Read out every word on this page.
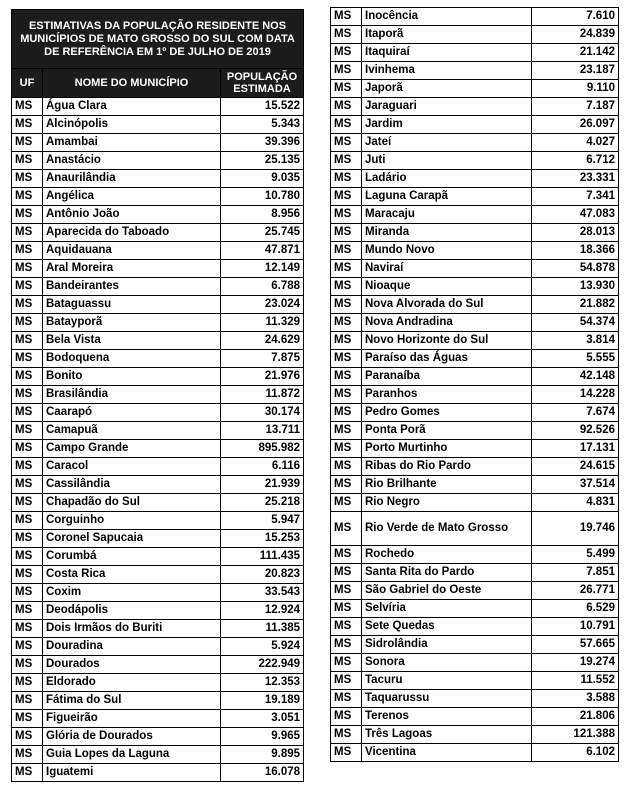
ESTIMATIVAS DA POPULAÇÃO RESIDENTE NOS MUNICÍPIOS DE MATO GROSSO DO SUL COM DATA DE REFERÊNCIA EM 1º DE JULHO DE 2019		
UF	NOME DO MUNICÍPIO	POPULAÇÃO ESTIMADA
MS	Água Clara	15.522
MS	Alcinópolis	5.343
MS	Amambai	39.396
MS	Anastácio	25.135
MS	Anaurilândia	9.035
MS	Angélica	10.780
MS	Antônio João	8.956
MS	Aparecida do Taboado	25.745
MS	Aquidauana	47.871
MS	Aral Moreira	12.149
MS	Bandeirantes	6.788
MS	Bataguassu	23.024
MS	Batayporã	11.329
MS	Bela Vista	24.629
MS	Bodoquena	7.875
MS	Bonito	21.976
MS	Brasilândia	11.872
MS	Caarapó	30.174
MS	Camapuã	13.711
MS	Campo Grande	895.982
MS	Caracol	6.116
MS	Cassilândia	21.939
MS	Chapadão do Sul	25.218
MS	Corguinho	5.947
MS	Coronel Sapucaia	15.253
MS	Corumbá	111.435
MS	Costa Rica	20.823
MS	Coxim	33.543
MS	Deodápolis	12.924
MS	Dois Irmãos do Buriti	11.385
MS	Douradina	5.924
MS	Dourados	222.949
MS	Eldorado	12.353
MS	Fátima do Sul	19.189
MS	Figueirão	3.051
MS	Glória de Dourados	9.965
MS	Guia Lopes da Laguna	9.895
MS	Iguatemi	16.078
MS	Inocência	7.610
MS	Itaporã	24.839
MS	Itaquiraí	21.142
MS	Ivinhema	23.187
MS	Japorã	9.110
MS	Jaraguari	7.187
MS	Jardim	26.097
MS	Jateí	4.027
MS	Juti	6.712
MS	Ladário	23.331
MS	Laguna Carapã	7.341
MS	Maracaju	47.083
MS	Miranda	28.013
MS	Mundo Novo	18.366
MS	Naviraí	54.878
MS	Nioaque	13.930
MS	Nova Alvorada do Sul	21.882
MS	Nova Andradina	54.374
MS	Novo Horizonte do Sul	3.814
MS	Paraíso das Águas	5.555
MS	Paranaíba	42.148
MS	Paranhos	14.228
MS	Pedro Gomes	7.674
MS	Ponta Porã	92.526
MS	Porto Murtinho	17.131
MS	Ribas do Rio Pardo	24.615
MS	Rio Brilhante	37.514
MS	Rio Negro	4.831
MS	Rio Verde de Mato Grosso	19.746
MS	Rochedo	5.499
MS	Santa Rita do Pardo	7.851
MS	São Gabriel do Oeste	26.771
MS	Selvíria	6.529
MS	Sete Quedas	10.791
MS	Sidrolândia	57.665
MS	Sonora	19.274
MS	Tacuru	11.552
MS	Taquarussu	3.588
MS	Terenos	21.806
MS	Três Lagoas	121.388
MS	Vicentina	6.102
